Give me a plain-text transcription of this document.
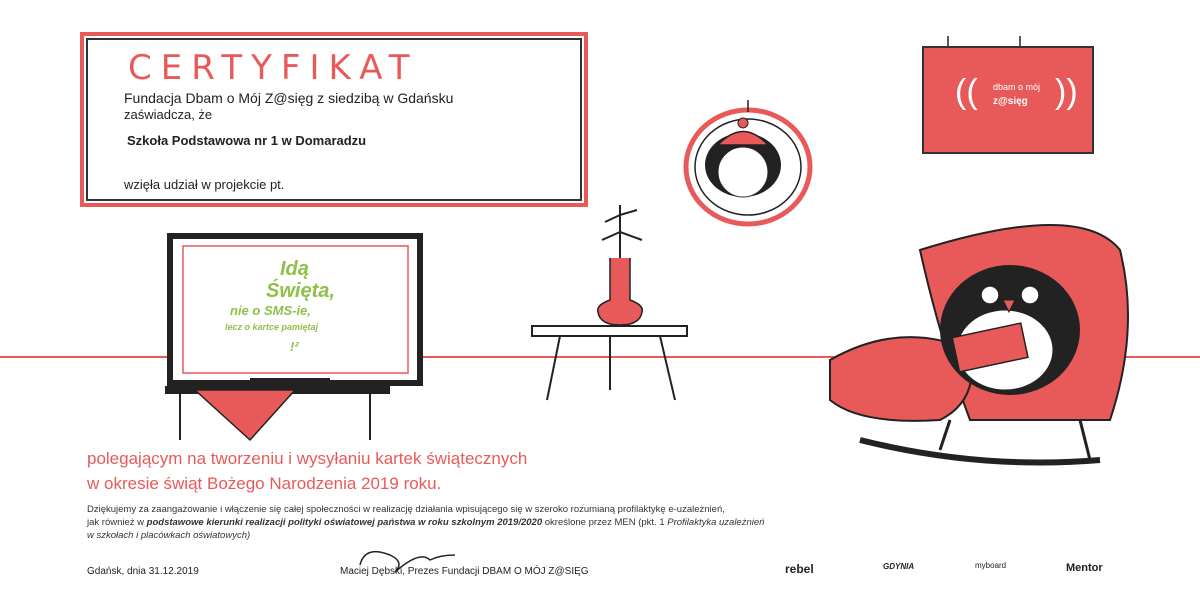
CERTYFIKAT
Fundacja Dbam o Mój Z@sięg z siedzibą w Gdańsku
zaświadcza, że
Szkoła Podstawowa nr 1 w Domaradzu
wzięła udział w projekcie pt.
Idą
Święta,
nie o SMS-ie,
lecz o kartce pamiętaj
!²
(( ))
dbam o mój
z@sięg
polegającym na tworzeniu i wysyłaniu kartek świątecznych
w okresie świąt Bożego Narodzenia 2019 roku.
Dziękujemy za zaangażowanie i włączenie się całej społeczności w realizację działania wpisującego się w szeroko rozumianą profilaktykę e-uzależnień,
jak również w podstawowe kierunki realizacji polityki oświatowej państwa w roku szkolnym 2019/2020 określone przez MEN (pkt. 1 Profilaktyka uzależnień
w szkołach i placówkach oświatowych)
Gdańsk, dnia 31.12.2019	Maciej Dębski, Prezes Fundacji DBAM O MÓJ Z@SIĘG	rebel	GDYNIA	myboard	Mentor
